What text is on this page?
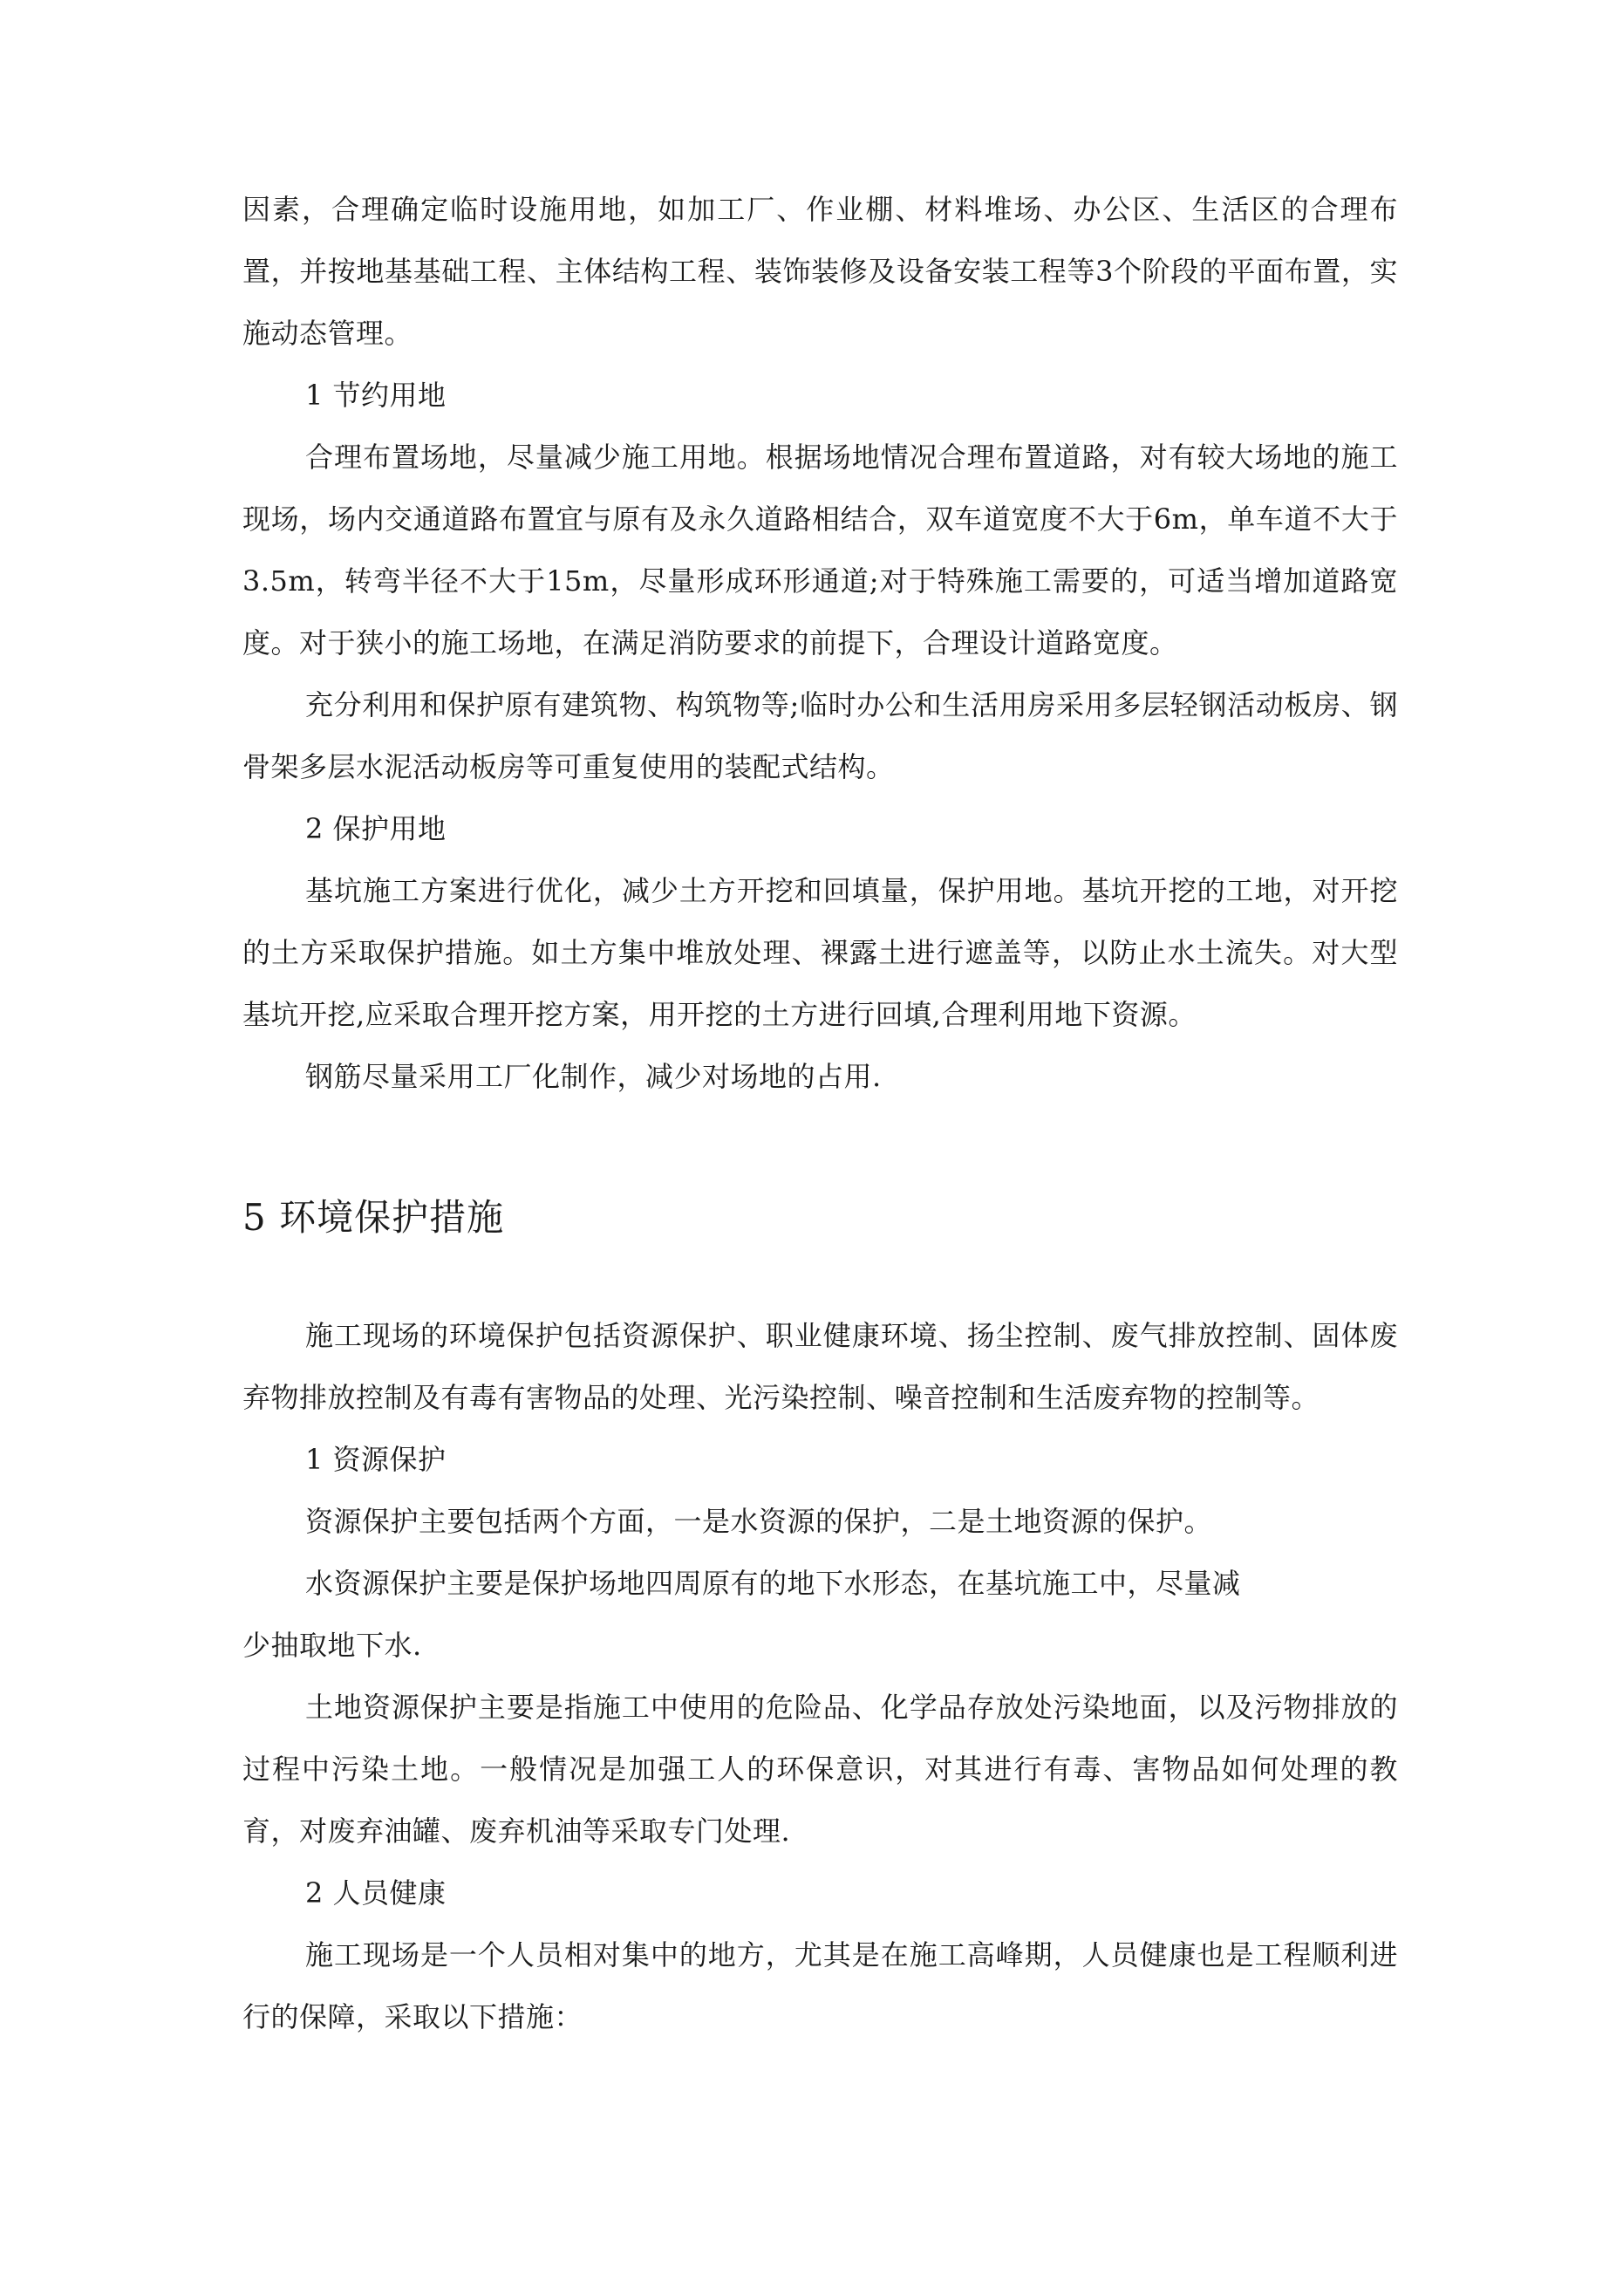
因素，合理确定临时设施用地，如加工厂、作业棚、材料堆场、办公区、生活区的合理布置，并按地基基础工程、主体结构工程、装饰装修及设备安装工程等3个阶段的平面布置，实施动态管理。

1 节约用地

合理布置场地，尽量减少施工用地。根据场地情况合理布置道路，对有较大场地的施工现场，场内交通道路布置宜与原有及永久道路相结合，双车道宽度不大于6m，单车道不大于3.5m，转弯半径不大于15m，尽量形成环形通道;对于特殊施工需要的，可适当增加道路宽度。对于狭小的施工场地，在满足消防要求的前提下，合理设计道路宽度。

充分利用和保护原有建筑物、构筑物等;临时办公和生活用房采用多层轻钢活动板房、钢骨架多层水泥活动板房等可重复使用的装配式结构。

2 保护用地

基坑施工方案进行优化，减少土方开挖和回填量，保护用地。基坑开挖的工地，对开挖的土方采取保护措施。如土方集中堆放处理、裸露土进行遮盖等，以防止水土流失。对大型基坑开挖,应采取合理开挖方案，用开挖的土方进行回填,合理利用地下资源。

钢筋尽量采用工厂化制作，减少对场地的占用.

5 环境保护措施

施工现场的环境保护包括资源保护、职业健康环境、扬尘控制、废气排放控制、固体废弃物排放控制及有毒有害物品的处理、光污染控制、噪音控制和生活废弃物的控制等。

1 资源保护

资源保护主要包括两个方面，一是水资源的保护，二是土地资源的保护。

水资源保护主要是保护场地四周原有的地下水形态，在基坑施工中，尽量减

少抽取地下水.

土地资源保护主要是指施工中使用的危险品、化学品存放处污染地面，以及污物排放的过程中污染土地。一般情况是加强工人的环保意识，对其进行有毒、害物品如何处理的教育，对废弃油罐、废弃机油等采取专门处理.

2 人员健康

施工现场是一个人员相对集中的地方，尤其是在施工高峰期，人员健康也是工程顺利进行的保障，采取以下措施：
